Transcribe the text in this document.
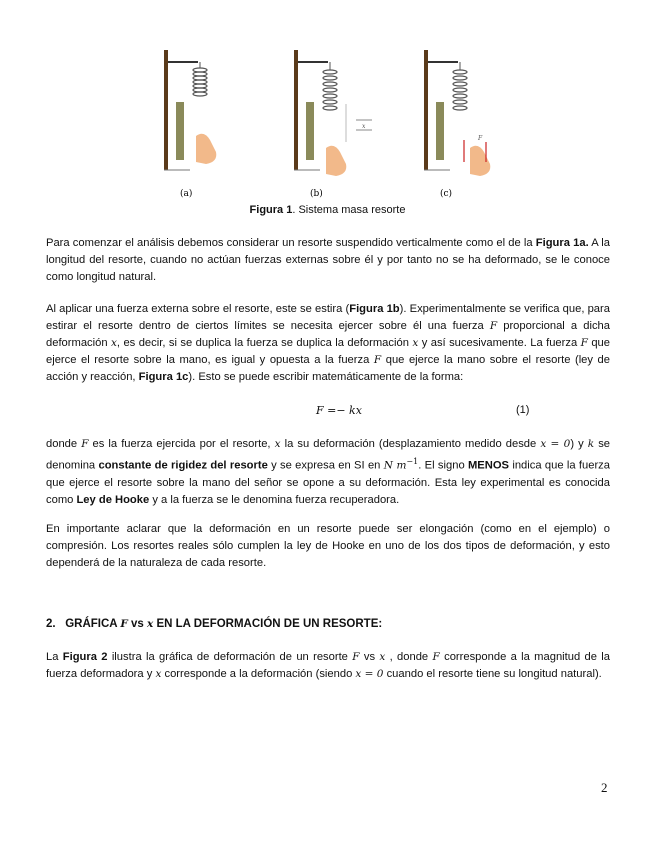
(a)
x
(b)
F
(c)
Figura 1. Sistema masa resorte
Para comenzar el análisis debemos considerar un resorte suspendido verticalmente como el de la Figura 1a. A la longitud del resorte, cuando no actúan fuerzas externas sobre él y por tanto no se ha deformado, se le conoce como longitud natural.
Al aplicar una fuerza externa sobre el resorte, este se estira (Figura 1b). Experimentalmente se verifica que, para estirar el resorte dentro de ciertos límites se necesita ejercer sobre él una fuerza F proporcional a dicha deformación x, es decir, si se duplica la fuerza se duplica la deformación x y así sucesivamente. La fuerza F que ejerce el resorte sobre la mano, es igual y opuesta a la fuerza F que ejerce la mano sobre el resorte (ley de acción y reacción, Figura 1c). Esto se puede escribir matemáticamente de la forma:
F =− kx	(1)
donde F es la fuerza ejercida por el resorte, x la su deformación (desplazamiento medido desde x = 0) y k se denomina constante de rigidez del resorte y se expresa en SI en N $m^{-1}$. El signo MENOS indica que la fuerza que ejerce el resorte sobre la mano del señor se opone a su deformación. Esta ley experimental es conocida como Ley de Hooke y a la fuerza se le denomina fuerza recuperadora.
En importante aclarar que la deformación en un resorte puede ser elongación (como en el ejemplo) o compresión. Los resortes reales sólo cumplen la ley de Hooke en uno de los dos tipos de deformación, y esto dependerá de la naturaleza de cada resorte.
2. GRÁFICA F vs x EN LA DEFORMACIÓN DE UN RESORTE:
La Figura 2 ilustra la gráfica de deformación de un resorte F vs x , donde F corresponde a la magnitud de la fuerza deformadora y x corresponde a la deformación (siendo x = 0 cuando el resorte tiene su longitud natural).
2
